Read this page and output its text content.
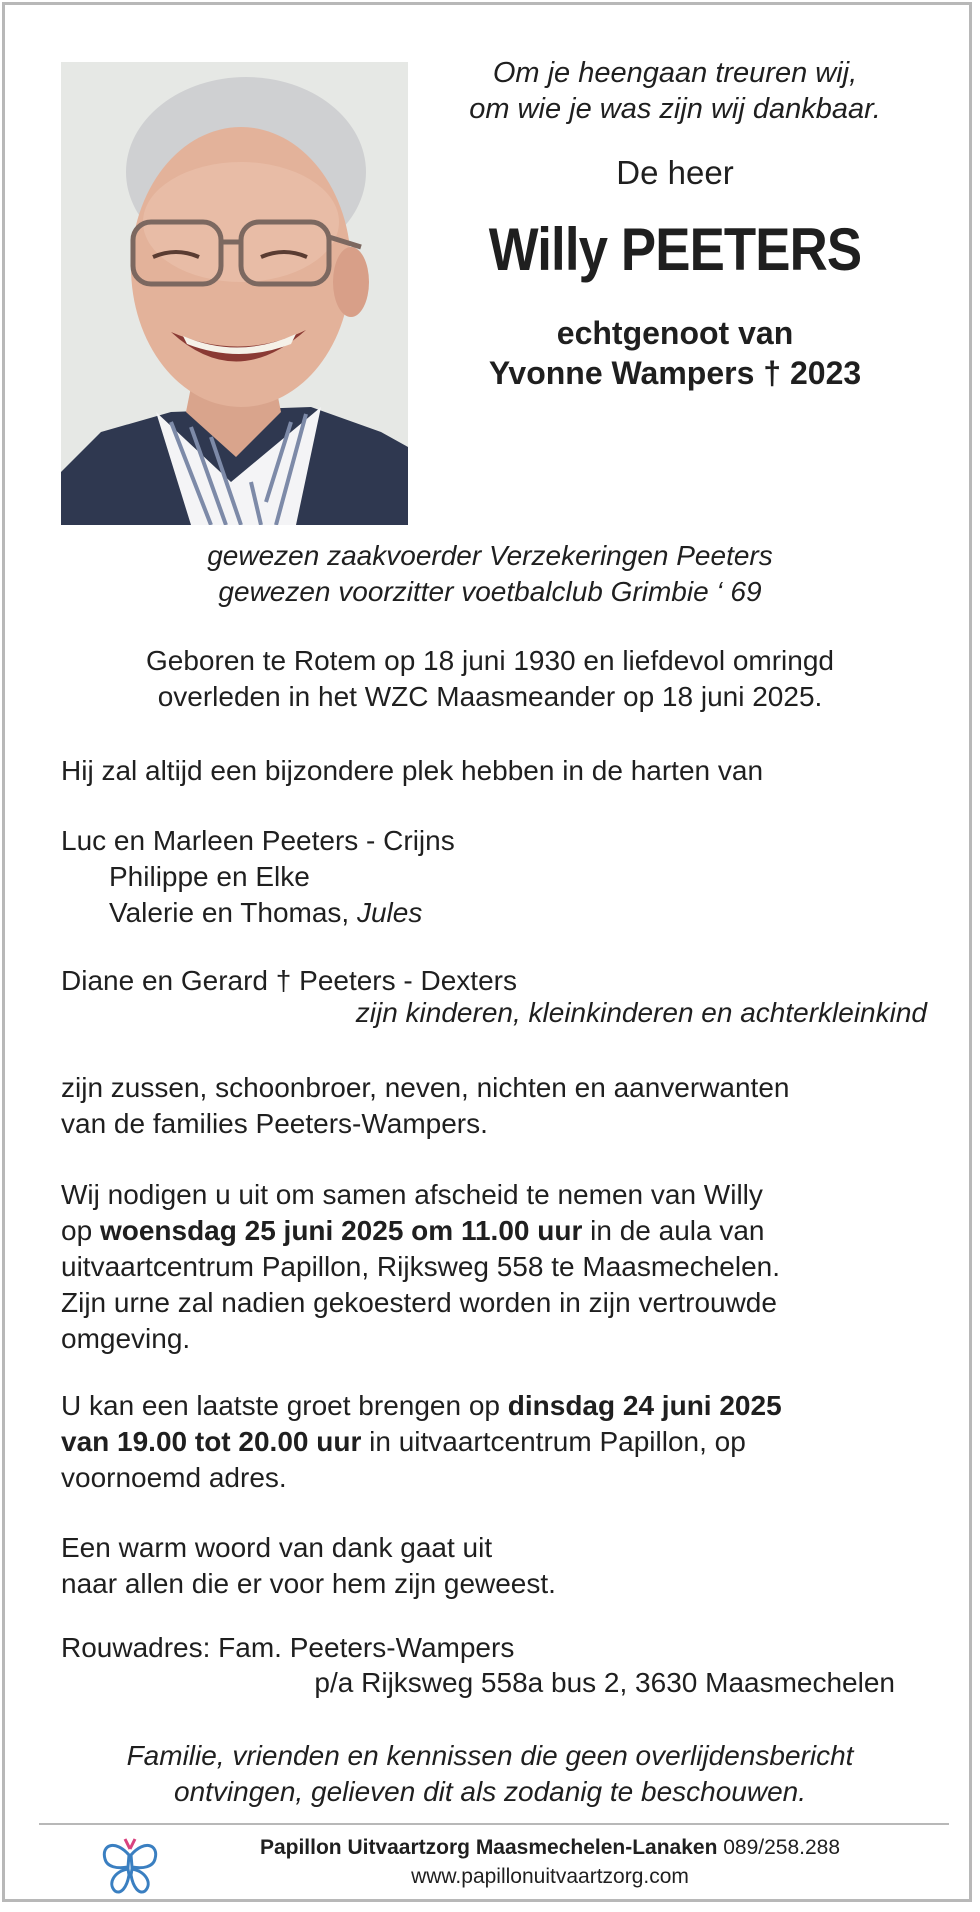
Om je heengaan treuren wij,

om wie je was zijn wij dankbaar.

De heer
Willy PEETERS
echtgenoot van
Yvonne Wampers † 2023
gewezen zaakvoerder Verzekeringen Peeters
gewezen voorzitter voetbalclub Grimbie ‘ 69
Geboren te Rotem op 18 juni 1930 en liefdevol omringd
overleden in het WZC Maasmeander op 18 juni 2025.
Hij zal altijd een bijzondere plek hebben in de harten van
Luc en Marleen Peeters - Crijns
Philippe en Elke
Valerie en Thomas, Jules
Diane en Gerard † Peeters - Dexters
zijn kinderen, kleinkinderen en achterkleinkind
zijn zussen, schoonbroer, neven, nichten en aanverwanten
van de families Peeters-Wampers.
Wij nodigen u uit om samen afscheid te nemen van Willy
op woensdag 25 juni 2025 om 11.00 uur in de aula van
uitvaartcentrum Papillon, Rijksweg 558 te Maasmechelen.
Zijn urne zal nadien gekoesterd worden in zijn vertrouwde
omgeving.
U kan een laatste groet brengen op dinsdag 24 juni 2025
van 19.00 tot 20.00 uur in uitvaartcentrum Papillon, op
voornoemd adres.
Een warm woord van dank gaat uit
naar allen die er voor hem zijn geweest.
Rouwadres: Fam. Peeters-Wampers
p/a Rijksweg 558a bus 2, 3630 Maasmechelen
Familie, vrienden en kennissen die geen overlijdensbericht
ontvingen, gelieven dit als zodanig te beschouwen.
Papillon Uitvaartzorg Maasmechelen-Lanaken 089/258.288
www.papillonuitvaartzorg.com
